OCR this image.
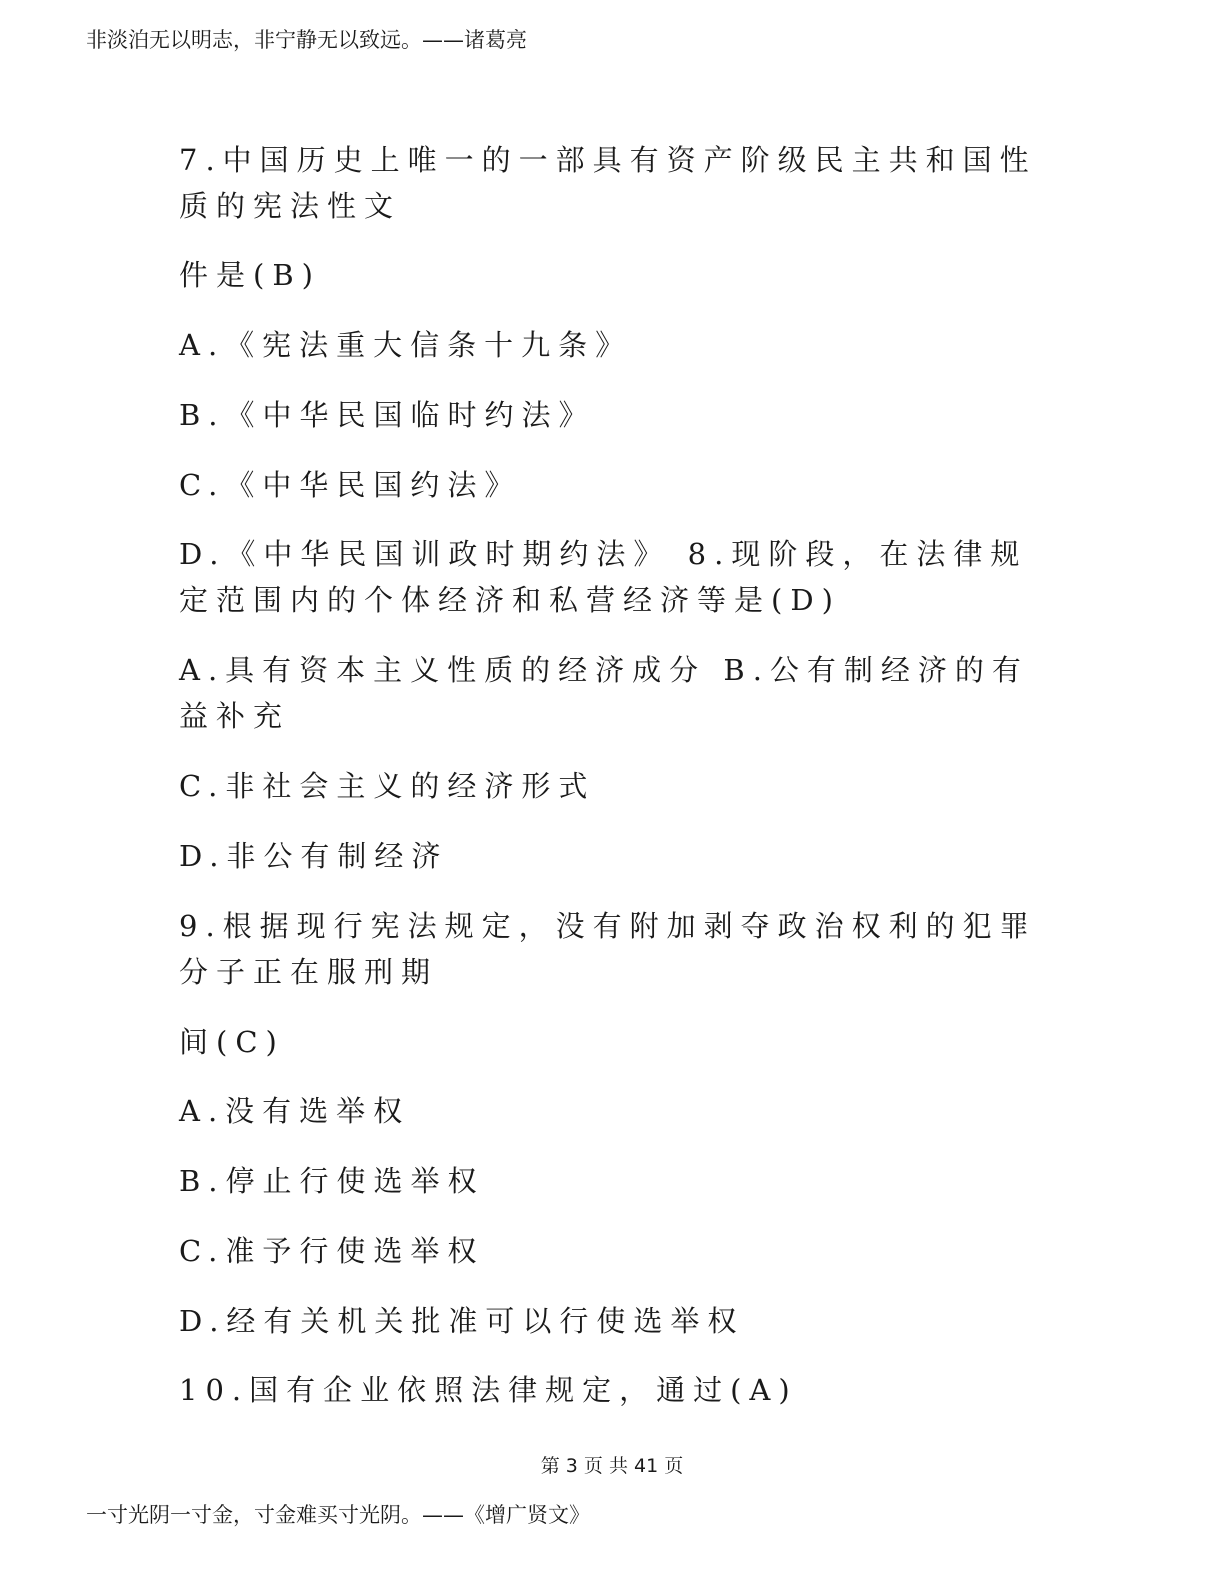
非淡泊无以明志，非宁静无以致远。——诸葛亮

7.中国历史上唯一的一部具有资产阶级民主共和国性质的宪法性文

件是(B)

A.《宪法重大信条十九条》

B.《中华民国临时约法》

C.《中华民国约法》

D.《中华民国训政时期约法》 8.现阶段，在法律规定范围内的个体经济和私营经济等是(D)

A.具有资本主义性质的经济成分 B.公有制经济的有益补充

C.非社会主义的经济形式

D.非公有制经济

9.根据现行宪法规定，没有附加剥夺政治权利的犯罪分子正在服刑期

间(C)

A.没有选举权

B.停止行使选举权

C.准予行使选举权

D.经有关机关批准可以行使选举权

10.国有企业依照法律规定，通过(A)

第 3 页 共 41 页
一寸光阴一寸金，寸金难买寸光阴。——《增广贤文》
